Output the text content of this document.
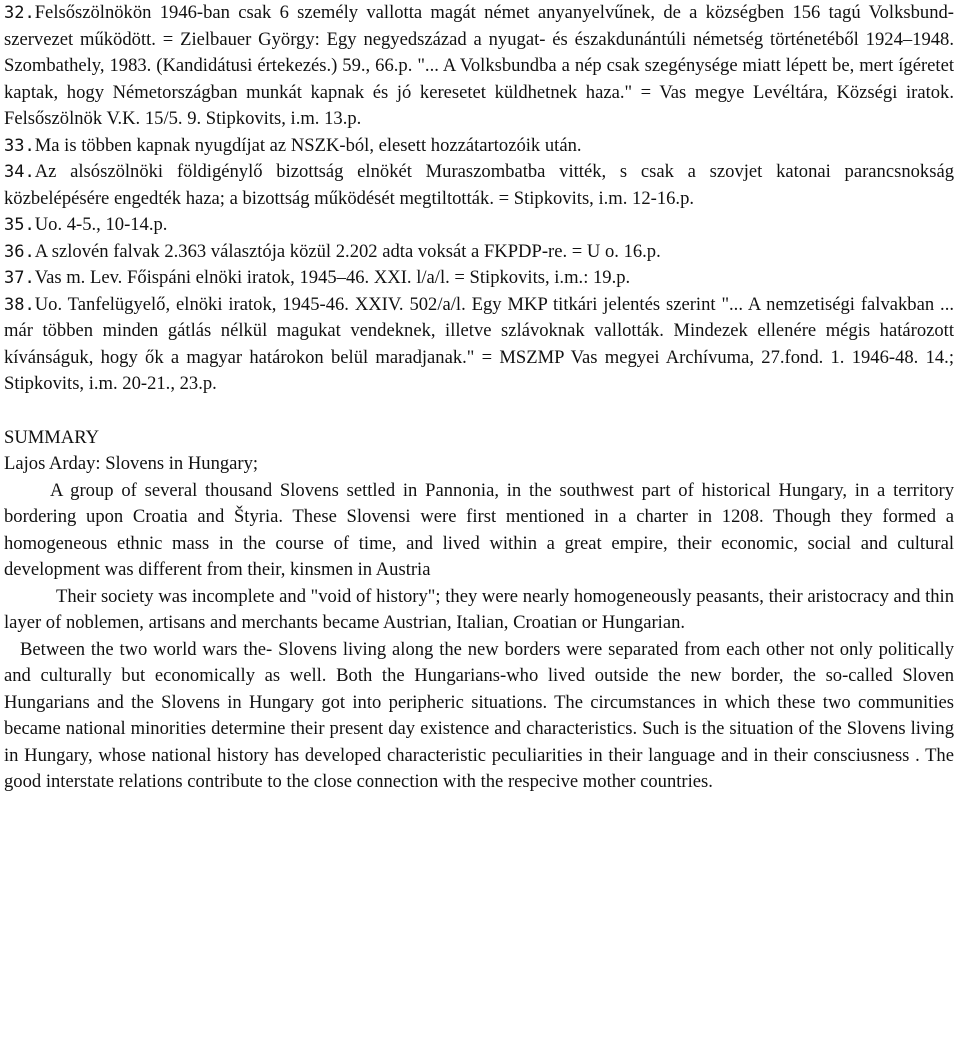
32.Felsőszölnökön 1946-ban csak 6 személy vallotta magát német anyanyelvűnek, de a községben 156 tagú Volksbund-szervezet működött. = Zielbauer György: Egy negyedszázad a nyugat- és északdunántúli németség történetéből 1924–1948. Szombathely, 1983. (Kandidátusi értekezés.) 59., 66.p. "... A Volksbundba a nép csak szegénysége miatt lépett be, mert ígéretet kaptak, hogy Németországban munkát kapnak és jó keresetet küldhetnek haza." = Vas megye Levéltára, Községi iratok. Felsőszölnök V.K. 15/5. 9. Stipkovits, i.m. 13.p.

33.Ma is többen kapnak nyugdíjat az NSZK-ból, elesett hozzátartozóik után.

34.Az alsószölnöki földigénylő bizottság elnökét Muraszombatba vitték, s csak a szovjet katonai parancsnokság közbelépésére engedték haza; a bizottság működését megtiltották. = Stipkovits, i.m. 12-16.p.

35.Uo. 4-5., 10-14.p.

36.A szlovén falvak 2.363 választója közül 2.202 adta voksát a FKPDP-re. = U o. 16.p.

37.Vas m. Lev. Főispáni elnöki iratok, 1945–46. XXI. l/a/l. = Stipkovits, i.m.: 19.p.

38.Uo. Tanfelügyelő, elnöki iratok, 1945-46. XXIV. 502/a/l. Egy MKP titkári jelentés szerint "... A nemzetiségi falvakban ... már többen minden gátlás nélkül magukat vendeknek, illetve szlávoknak vallották. Mindezek ellenére mégis határozott kívánságuk, hogy ők a magyar határokon belül maradjanak." = MSZMP Vas megyei Archívuma, 27.fond. 1. 1946-48. 14.; Stipkovits, i.m. 20-21., 23.p.

SUMMARY

Lajos Arday: Slovens in Hungary;

A group of several thousand Slovens settled in Pannonia, in the southwest part of historical Hungary, in a territory bordering upon Croatia and Štyria. These Slovensi were first mentioned in a charter in 1208. Though they formed a homogeneous ethnic mass in the course of time, and lived within a great empire, their economic, social and cultural development was different from their, kinsmen in Austria

Their society was incomplete and "void of history"; they were nearly homogeneously peasants, their aristocracy and thin layer of noblemen, artisans and merchants became Austrian, Italian, Croatian or Hungarian.

Between the two world wars the- Slovens living along the new borders were separated from each other not only politically and culturally but economically as well. Both the Hungarians-who lived outside the new border, the so-called Sloven Hungarians and the Slovens in Hungary got into peripheric situations. The circumstances in which these two communities became national minorities determine their present day existence and characteristics. Such is the situation of the Slovens living in Hungary, whose national history has developed characteristic peculiarities in their language and in their consciusness . The good interstate relations contribute to the close connection with the respecive mother countries.
